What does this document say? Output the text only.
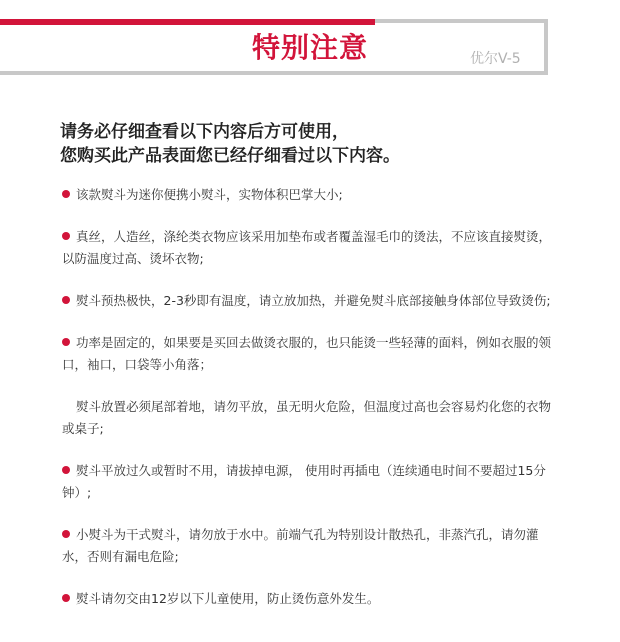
特别注意	优尔V-5
请务必仔细查看以下内容后方可使用，
您购买此产品表面您已经仔细看过以下内容。
该款熨斗为迷你便携小熨斗，实物体积巴掌大小;
真丝，人造丝，涤纶类衣物应该采用加垫布或者覆盖湿毛巾的烫法，不应该直接熨烫，以防温度过高、烫坏衣物;
熨斗预热极快，2-3秒即有温度，请立放加热，并避免熨斗底部接触身体部位导致烫伤;
功率是固定的，如果要是买回去做烫衣服的，也只能烫一些轻薄的面料，例如衣服的领口，袖口，口袋等小角落；
熨斗放置必须尾部着地，请勿平放，虽无明火危险，但温度过高也会容易灼化您的衣物或桌子;
熨斗平放过久或暂时不用，请拔掉电源， 使用时再插电（连续通电时间不要超过15分钟）;
小熨斗为干式熨斗，请勿放于水中。前端气孔为特别设计散热孔，非蒸汽孔，请勿灌水，否则有漏电危险;
熨斗请勿交由12岁以下儿童使用，防止烫伤意外发生。
